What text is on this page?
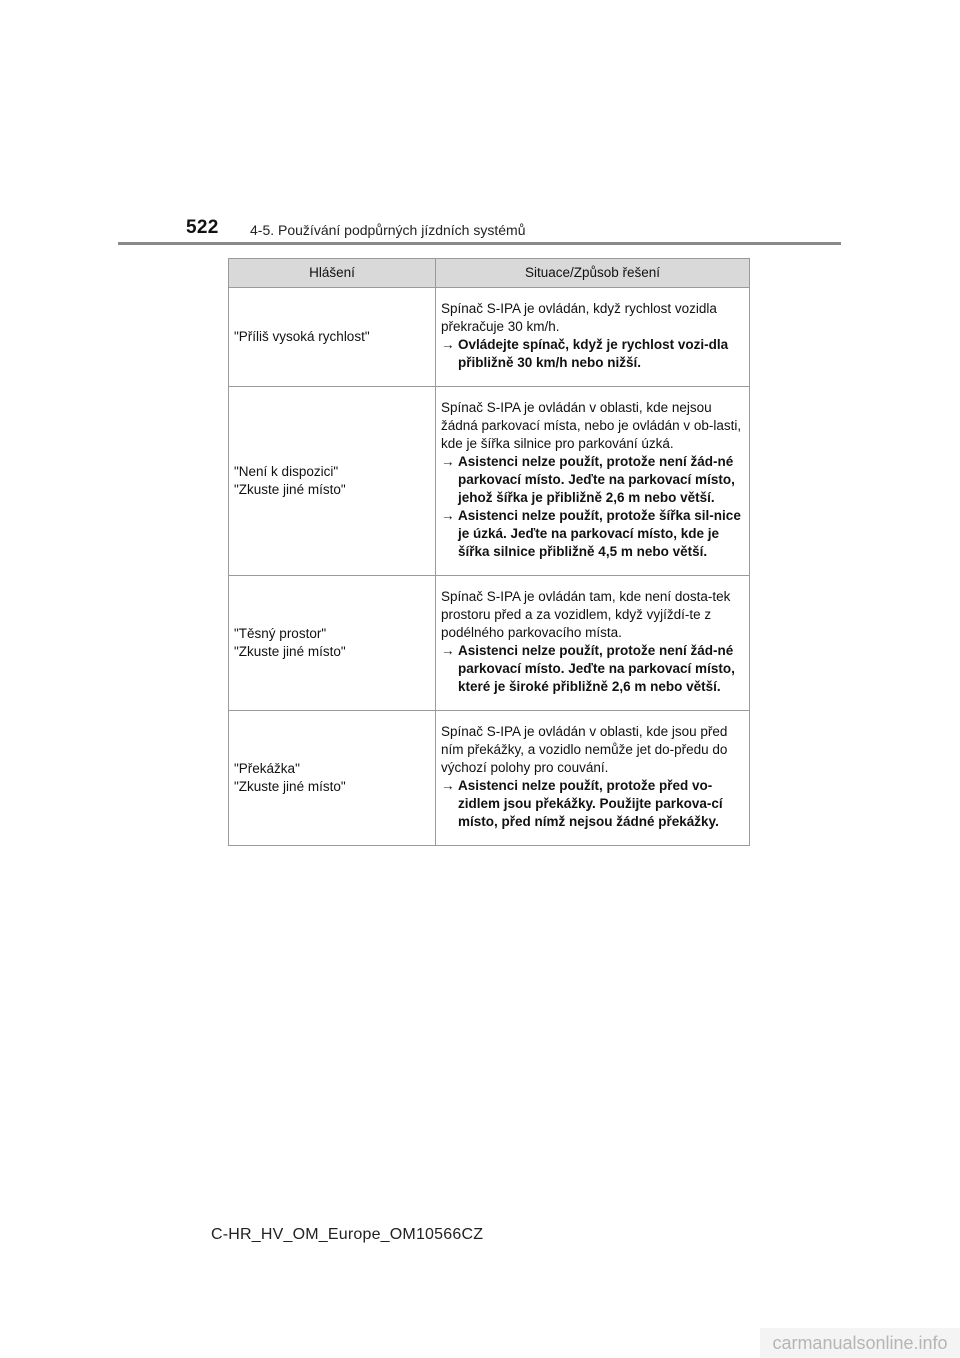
522 4-5. Používání podpůrných jízdních systémů
Hlášení	Situace/Způsob řešení

"Příliš vysoká rychlost"	Spínač S-IPA je ovládán, když rychlost vozidla překračuje 30 km/h.
→ Ovládejte spínač, když je rychlost vozi-dla přibližně 30 km/h nebo nižší.

"Není k dispozici"
"Zkuste jiné místo"	Spínač S-IPA je ovládán v oblasti, kde nejsou žádná parkovací místa, nebo je ovládán v ob-lasti, kde je šířka silnice pro parkování úzká.
→ Asistenci nelze použít, protože není žád-né parkovací místo. Jeďte na parkovací místo, jehož šířka je přibližně 2,6 m nebo větší.
→ Asistenci nelze použít, protože šířka sil-nice je úzká. Jeďte na parkovací místo, kde je šířka silnice přibližně 4,5 m nebo větší.

"Těsný prostor"
"Zkuste jiné místo"	Spínač S-IPA je ovládán tam, kde není dosta-tek prostoru před a za vozidlem, když vyjíždí-te z podélného parkovacího místa.
→ Asistenci nelze použít, protože není žád-né parkovací místo. Jeďte na parkovací místo, které je široké přibližně 2,6 m nebo větší.

"Překážka"
"Zkuste jiné místo"	Spínač S-IPA je ovládán v oblasti, kde jsou před ním překážky, a vozidlo nemůže jet do-předu do výchozí polohy pro couvání.
→ Asistenci nelze použít, protože před vo-zidlem jsou překážky. Použijte parkova-cí místo, před nímž nejsou žádné překážky.
C-HR_HV_OM_Europe_OM10566CZ
carmanualsonline.info
